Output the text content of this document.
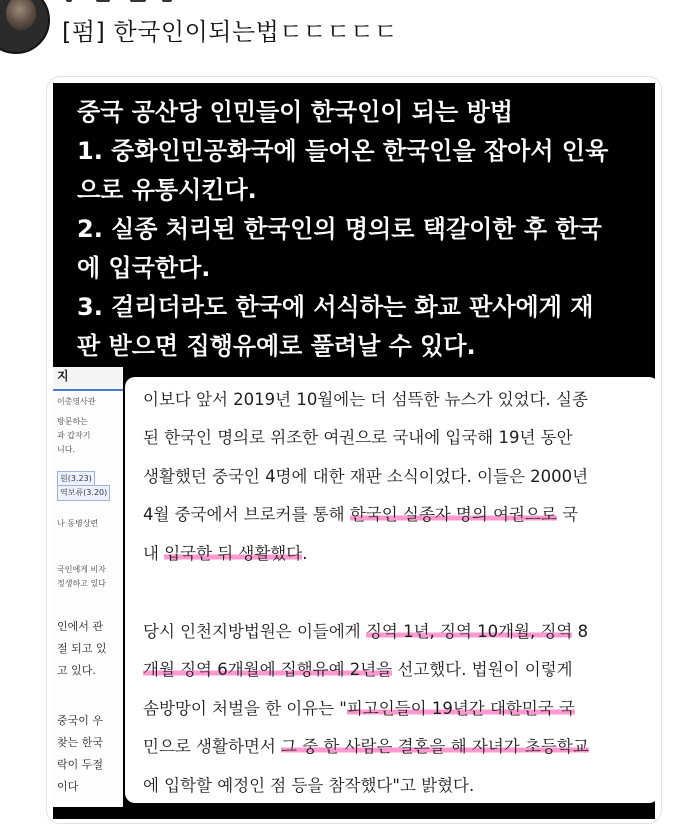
[펌] 한국인이되는법ㄷㄷㄷㄷㄷ
중국 공산당 인민들이 한국인이 되는 방법
1. 중화인민공화국에 들어온 한국인을 잡아서 인육
으로 유통시킨다.
2. 실종 처리된 한국인의 명의로 택갈이한 후 한국
에 입국한다.
3. 걸리더라도 한국에 서식하는 화교 판사에게 재
판 받으면 집행유예로 풀려날 수 있다.
지
이총영사관
방문하는
과 갑자기
니다.
원(3.23)
역보류(3.20)
나 동병상련
국인에게 비자
정생하고 있다
인에서 관
절 되고 있
고 있다.
중국이 우
찾는 한국
락이 두절
이다
이보다 앞서 2019년 10월에는 더 섬뜩한 뉴스가 있었다. 실종
된 한국인 명의로 위조한 여권으로 국내에 입국해 19년 동안
생활했던 중국인 4명에 대한 재판 소식이었다. 이들은 2000년
4월 중국에서 브로커를 통해 한국인 실종자 명의 여권으로 국
내 입국한 뒤 생활했다.
당시 인천지방법원은 이들에게 징역 1년, 징역 10개월, 징역 8
개월 징역 6개월에 집행유예 2년을 선고했다. 법원이 이렇게
솜방망이 처벌을 한 이유는 "피고인들이 19년간 대한민국 국
민으로 생활하면서 그 중 한 사람은 결혼을 해 자녀가 초등학교
에 입학할 예정인 점 등을 참작했다"고 밝혔다.
